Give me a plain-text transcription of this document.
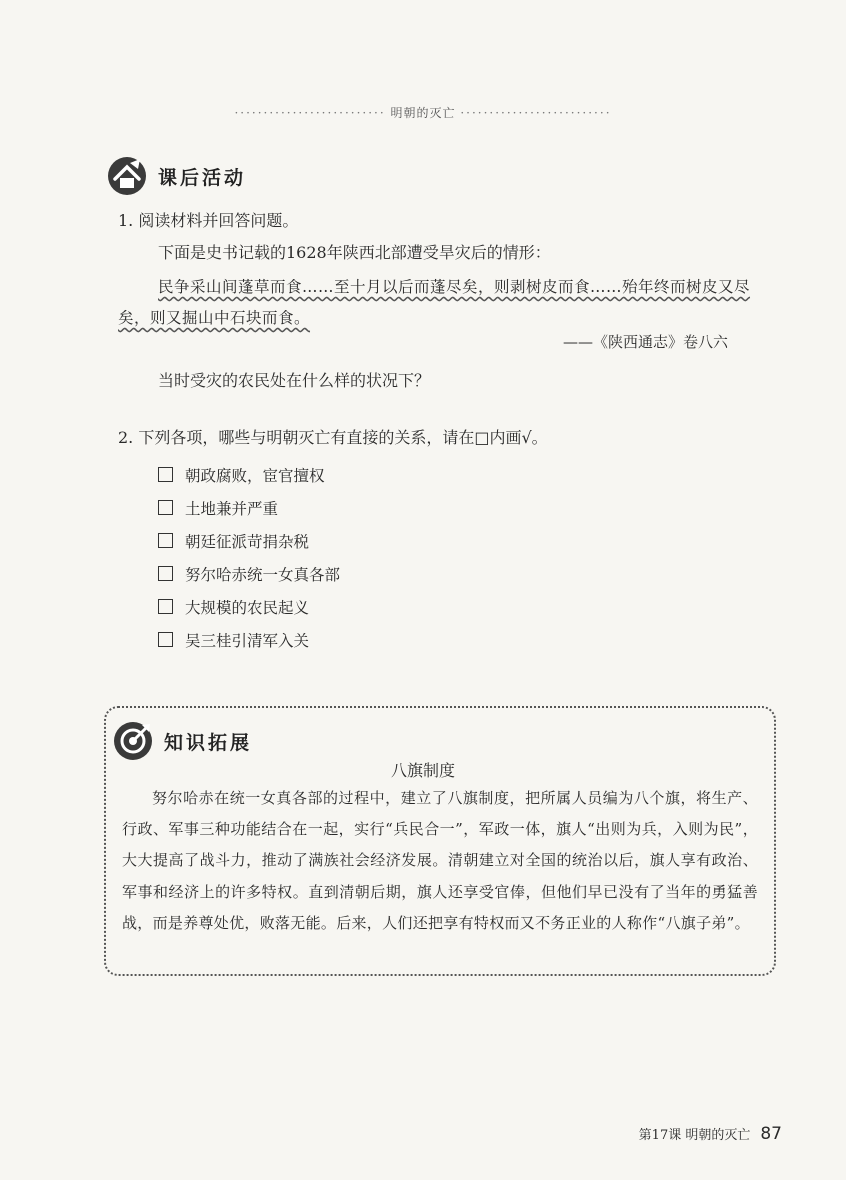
·························· 明朝的灭亡 ··························
课后活动
1. 阅读材料并回答问题。
下面是史书记载的1628年陕西北部遭受旱灾后的情形：
民争采山间蓬草而食……至十月以后而蓬尽矣，则剥树皮而食……殆年终而树皮又尽矣，则又掘山中石块而食。
——《陕西通志》卷八六
当时受灾的农民处在什么样的状况下？
2. 下列各项，哪些与明朝灭亡有直接的关系，请在□内画√。
朝政腐败，宦官擅权
土地兼并严重
朝廷征派苛捐杂税
努尔哈赤统一女真各部
大规模的农民起义
吴三桂引清军入关
知识拓展
八旗制度
努尔哈赤在统一女真各部的过程中，建立了八旗制度，把所属人员编为八个旗，将生产、行政、军事三种功能结合在一起，实行“兵民合一”，军政一体，旗人“出则为兵，入则为民”，大大提高了战斗力，推动了满族社会经济发展。清朝建立对全国的统治以后，旗人享有政治、军事和经济上的许多特权。直到清朝后期，旗人还享受官俸，但他们早已没有了当年的勇猛善战，而是养尊处优，败落无能。后来，人们还把享有特权而又不务正业的人称作“八旗子弟”。
第17课 明朝的灭亡 87
